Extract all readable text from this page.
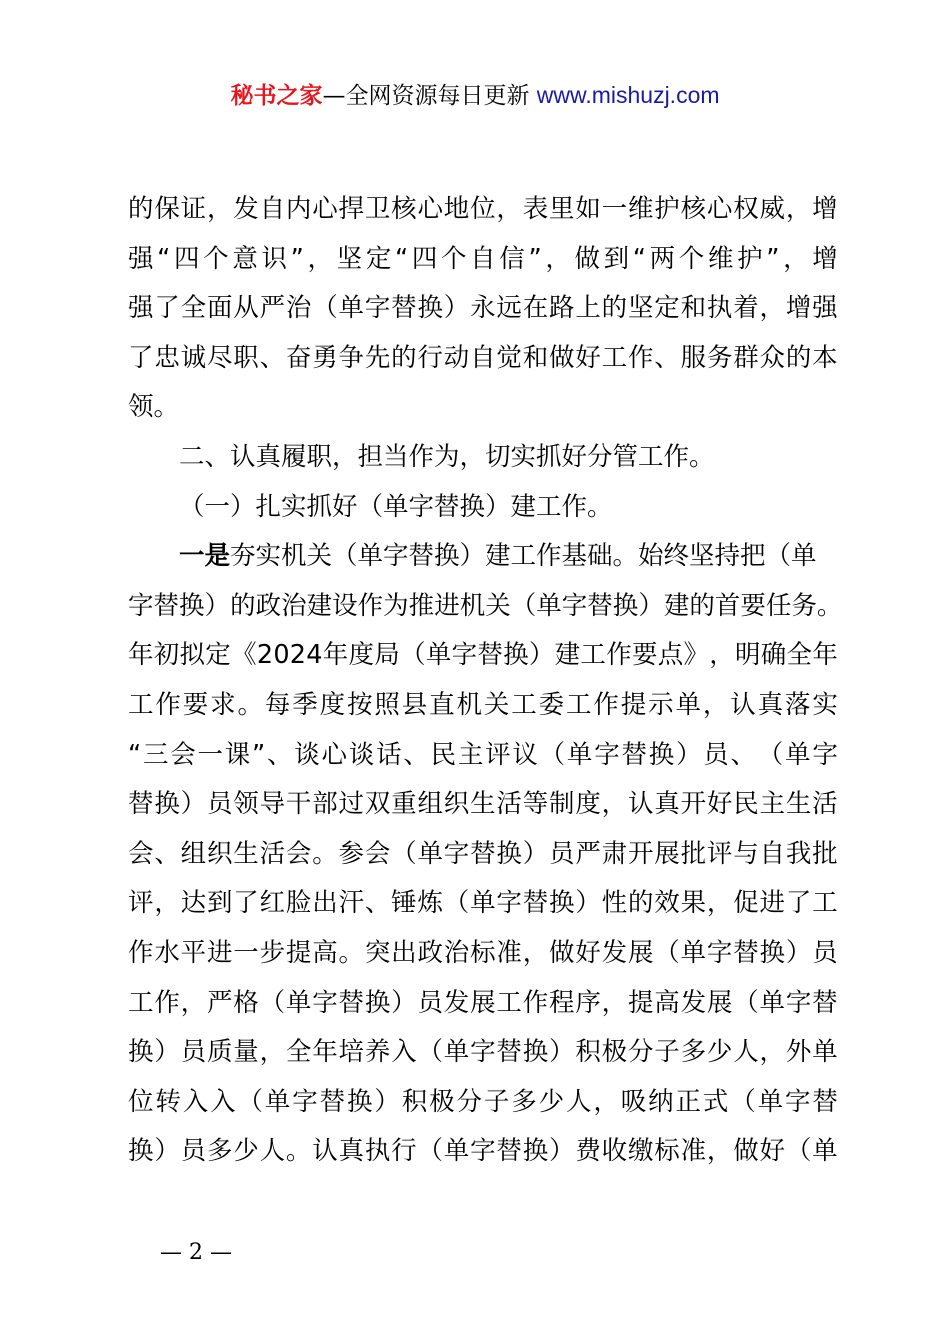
秘书之家—全网资源每日更新 www.mishuzj.com
的 保 证 ， 发 自 内 心 捍 卫 核 心 地 位 ， 表 里 如 一 维 护 核 心 权 威 ， 增
强 “ 四 个 意 识 ” ， 坚 定 “ 四 个 自 信 ” ， 做 到 “ 两 个 维 护 ” ， 增
强 了 全 面 从 严 治 （ 单 字 替 换 ） 永 远 在 路 上 的 坚 定 和 执 着 ， 增 强
了 忠 诚 尽 职 、 奋 勇 争 先 的 行 动 自 觉 和 做 好 工 作 、 服 务 群 众 的 本
领。
二、认真履职，担当作为，切实抓好分管工作。
（一）扎实抓好（单字替换）建工作。
一是 夯实机关（单字替换）建工作基础。始终坚持把（单
字 替 换 ） 的 政 治 建 设 作 为 推 进 机 关 （ 单 字 替 换 ） 建 的 首 要 任 务 。
年 初 拟 定 《 2 0 2 4 年 度 局 （ 单 字 替 换 ） 建 工 作 要 点 》 ， 明 确 全 年
工 作 要 求 。 每 季 度 按 照 县 直 机 关 工 委 工 作 提 示 单 ， 认 真 落 实
“ 三 会 一 课 ” 、 谈 心 谈 话 、 民 主 评 议 （ 单 字 替 换 ） 员 、 （ 单 字
替 换 ） 员 领 导 干 部 过 双 重 组 织 生 活 等 制 度 ， 认 真 开 好 民 主 生 活
会 、 组 织 生 活 会 。 参 会 （ 单 字 替 换 ） 员 严 肃 开 展 批 评 与 自 我 批
评 ， 达 到 了 红 脸 出 汗 、 锤 炼 （ 单 字 替 换 ） 性 的 效 果 ， 促 进 了 工
作 水 平 进 一 步 提 高 。 突 出 政 治 标 准 ， 做 好 发 展 （ 单 字 替 换 ） 员
工 作 ， 严 格 （ 单 字 替 换 ） 员 发 展 工 作 程 序 ， 提 高 发 展 （ 单 字 替
换 ） 员 质 量 ， 全 年 培 养 入 （ 单 字 替 换 ） 积 极 分 子 多 少 人 ， 外 单
位 转 入 入 （ 单 字 替 换 ） 积 极 分 子 多 少 人 ， 吸 纳 正 式 （ 单 字 替
换 ） 员 多 少 人 。 认 真 执 行 （ 单 字 替 换 ） 费 收 缴 标 准 ， 做 好 （ 单
— 2 —
